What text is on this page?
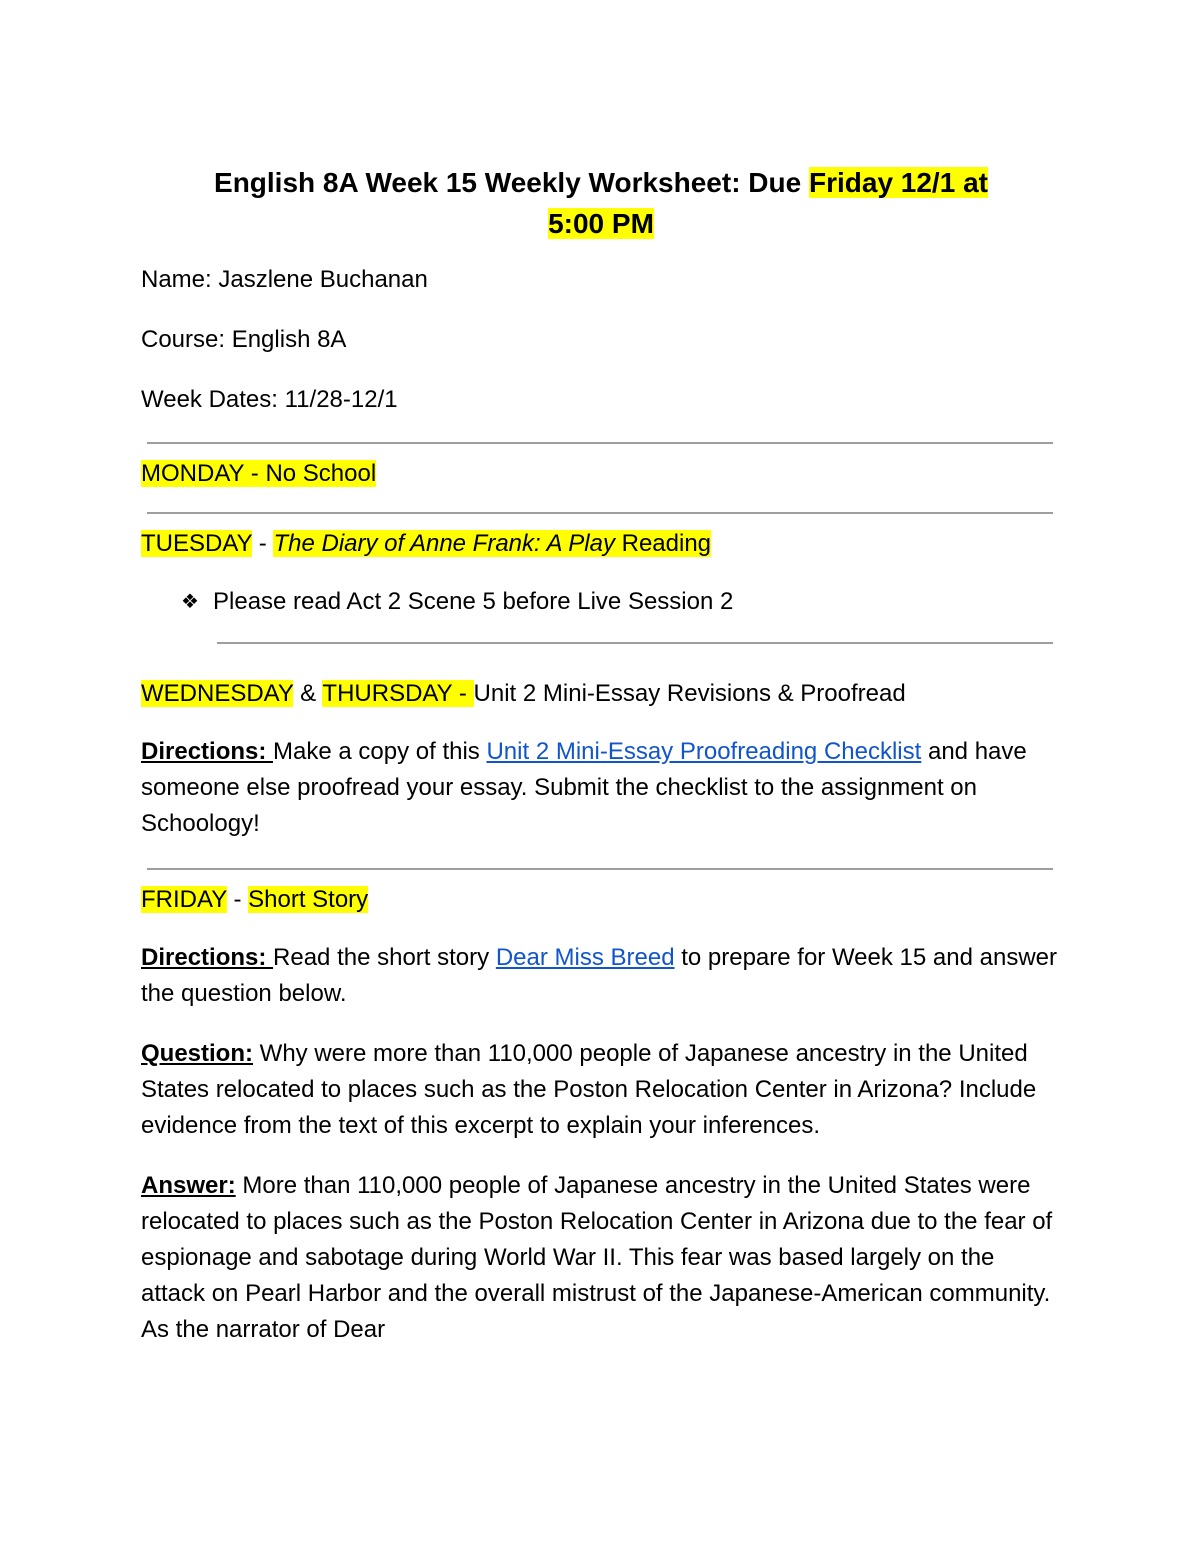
English 8A Week 15 Weekly Worksheet: Due Friday 12/1 at
5:00 PM
Name: Jaszlene Buchanan
Course: English 8A
Week Dates: 11/28-12/1
MONDAY - No School
TUESDAY - The Diary of Anne Frank: A Play Reading
❖ Please read Act 2 Scene 5 before Live Session 2
WEDNESDAY & THURSDAY - Unit 2 Mini-Essay Revisions & Proofread
Directions: Make a copy of this Unit 2 Mini-Essay Proofreading Checklist and have someone else proofread your essay. Submit the checklist to the assignment on Schoology!
FRIDAY - Short Story
Directions: Read the short story Dear Miss Breed to prepare for Week 15 and answer the question below.
Question: Why were more than 110,000 people of Japanese ancestry in the United States relocated to places such as the Poston Relocation Center in Arizona? Include evidence from the text of this excerpt to explain your inferences.
Answer: More than 110,000 people of Japanese ancestry in the United States were relocated to places such as the Poston Relocation Center in Arizona due to the fear of espionage and sabotage during World War II. This fear was based largely on the attack on Pearl Harbor and the overall mistrust of the Japanese-American community. As the narrator of Dear
